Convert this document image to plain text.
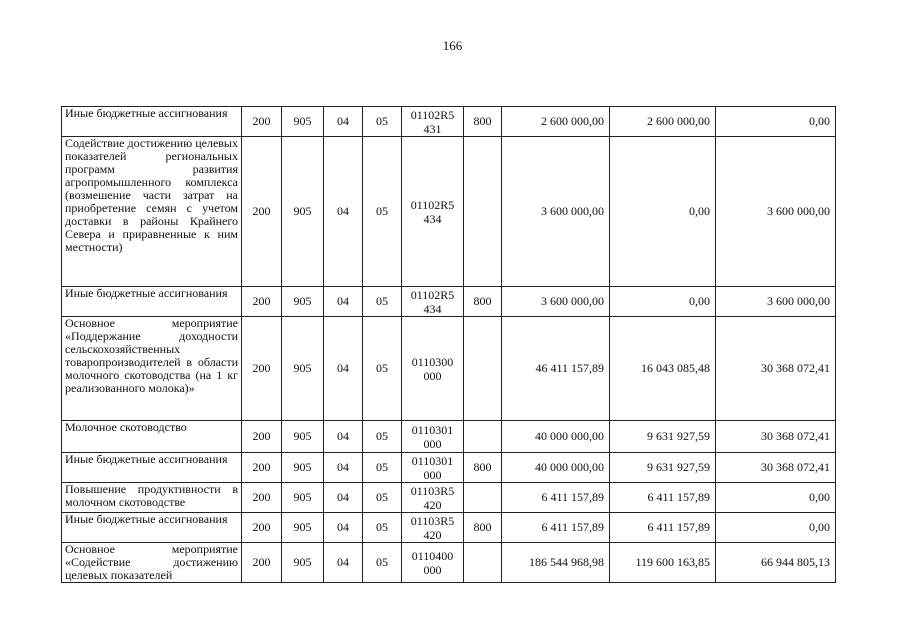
166
Иные бюджетные ассигнования	200	905	04	05	01102R5 431	800	2 600 000,00	2 600 000,00	0,00

Содействие достижению целевых показателей региональных программ развития агропромышленного комплекса (возмешение части затрат на приобретение семян с учетом доставки в районы Крайнего Севера и приравненные к ним местности)	200	905	04	05	01102R5 434		3 600 000,00	0,00	3 600 000,00

Иные бюджетные ассигнования	200	905	04	05	01102R5 434	800	3 600 000,00	0,00	3 600 000,00

Основное мероприятие «Поддержание доходности сельскохозяйственных товаропроизводителей в области молочного скотоводства (на 1 кг реализованного молока)»	200	905	04	05	0110300 000		46 411 157,89	16 043 085,48	30 368 072,41

Молочное скотоводство	200	905	04	05	0110301 000		40 000 000,00	9 631 927,59	30 368 072,41

Иные бюджетные ассигнования	200	905	04	05	0110301 000	800	40 000 000,00	9 631 927,59	30 368 072,41

Повышение продуктивности в молочном скотоводстве	200	905	04	05	01103R5 420		6 411 157,89	6 411 157,89	0,00

Иные бюджетные ассигнования	200	905	04	05	01103R5 420	800	6 411 157,89	6 411 157,89	0,00

Основное мероприятие «Содействие достижению целевых показателей	200	905	04	05	0110400 000		186 544 968,98	119 600 163,85	66 944 805,13
